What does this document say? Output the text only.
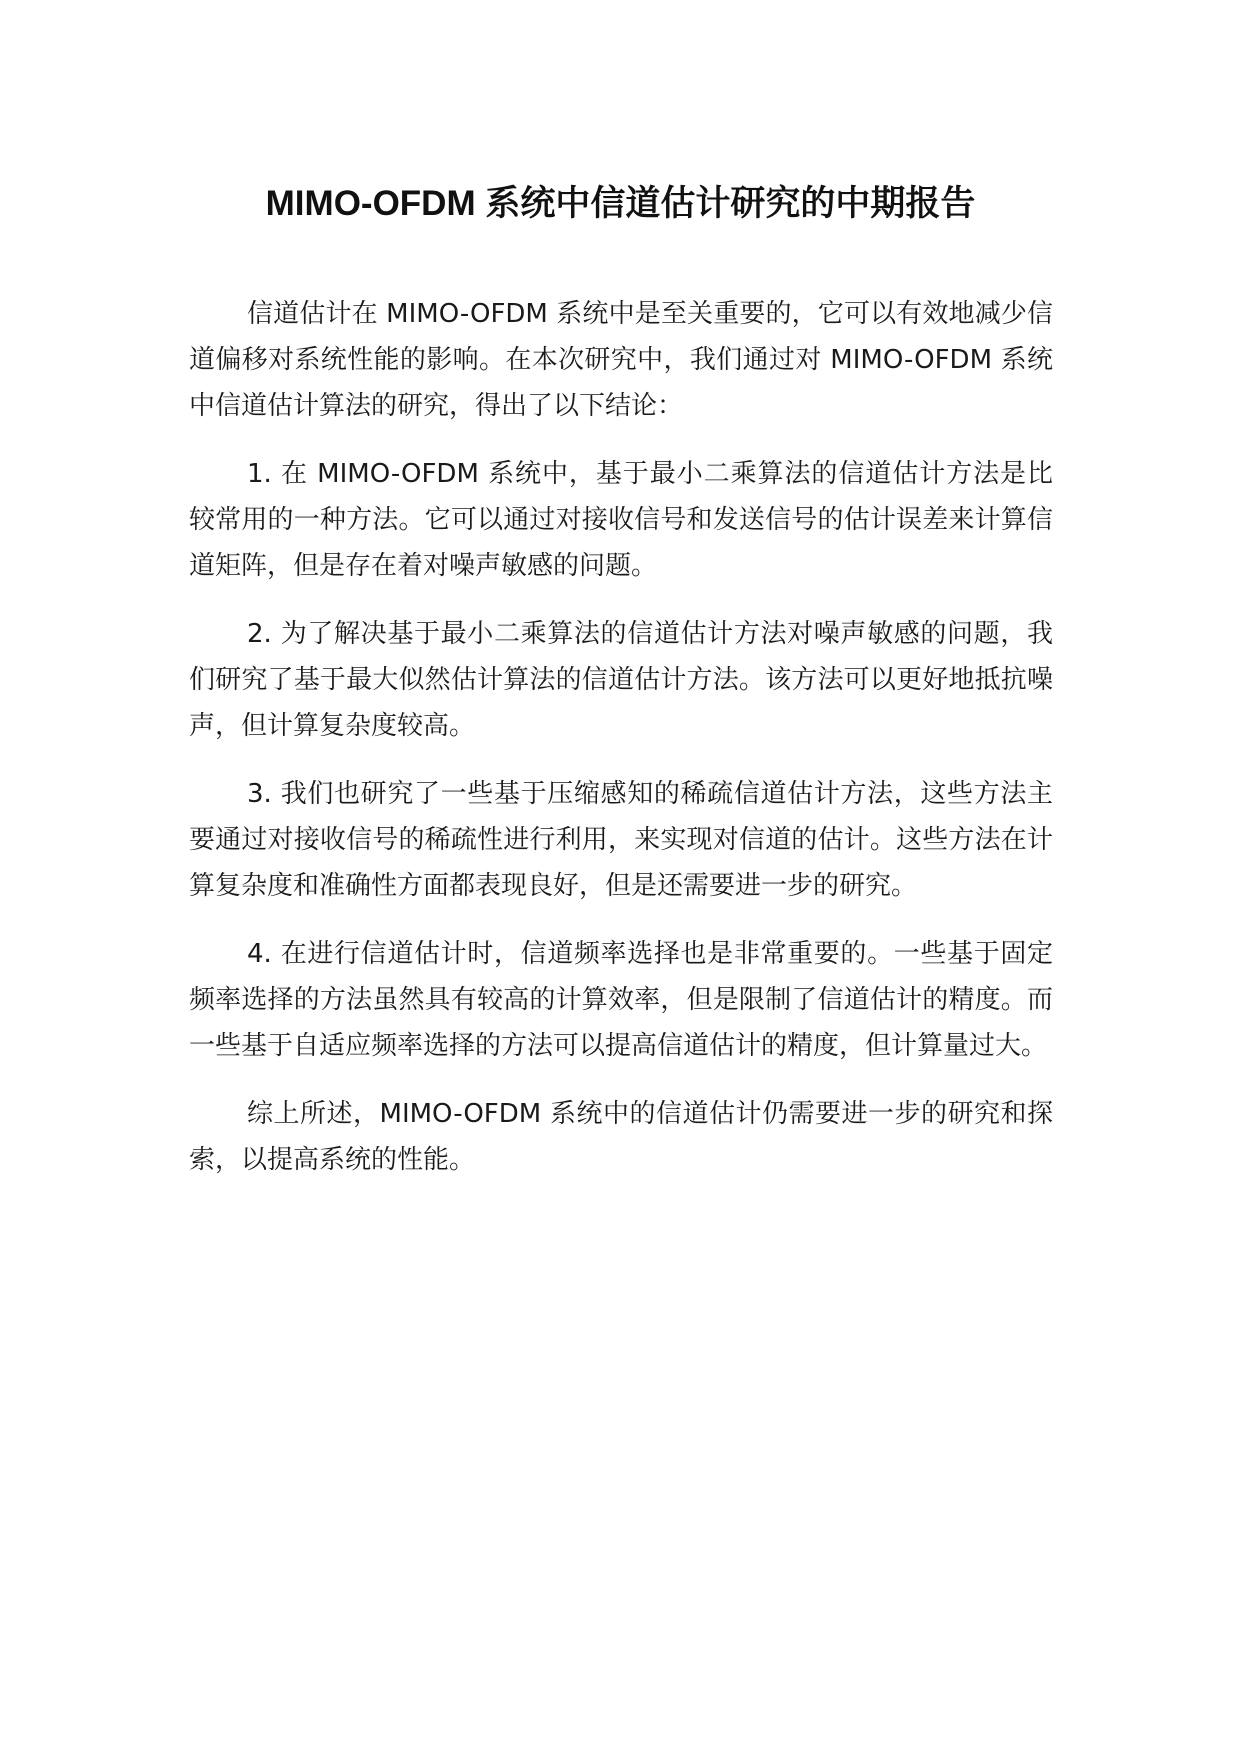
MIMO-OFDM 系统中信道估计研究的中期报告

信道估计在 MIMO-OFDM 系统中是至关重要的，它可以有效地减少信道偏移对系统性能的影响。在本次研究中，我们通过对 MIMO-OFDM 系统中信道估计算法的研究，得出了以下结论：

1. 在 MIMO-OFDM 系统中，基于最小二乘算法的信道估计方法是比较常用的一种方法。它可以通过对接收信号和发送信号的估计误差来计算信道矩阵，但是存在着对噪声敏感的问题。

2. 为了解决基于最小二乘算法的信道估计方法对噪声敏感的问题，我们研究了基于最大似然估计算法的信道估计方法。该方法可以更好地抵抗噪声，但计算复杂度较高。

3. 我们也研究了一些基于压缩感知的稀疏信道估计方法，这些方法主要通过对接收信号的稀疏性进行利用，来实现对信道的估计。这些方法在计算复杂度和准确性方面都表现良好，但是还需要进一步的研究。

4. 在进行信道估计时，信道频率选择也是非常重要的。一些基于固定频率选择的方法虽然具有较高的计算效率，但是限制了信道估计的精度。而一些基于自适应频率选择的方法可以提高信道估计的精度，但计算量过大。

综上所述，MIMO-OFDM 系统中的信道估计仍需要进一步的研究和探索，以提高系统的性能。
